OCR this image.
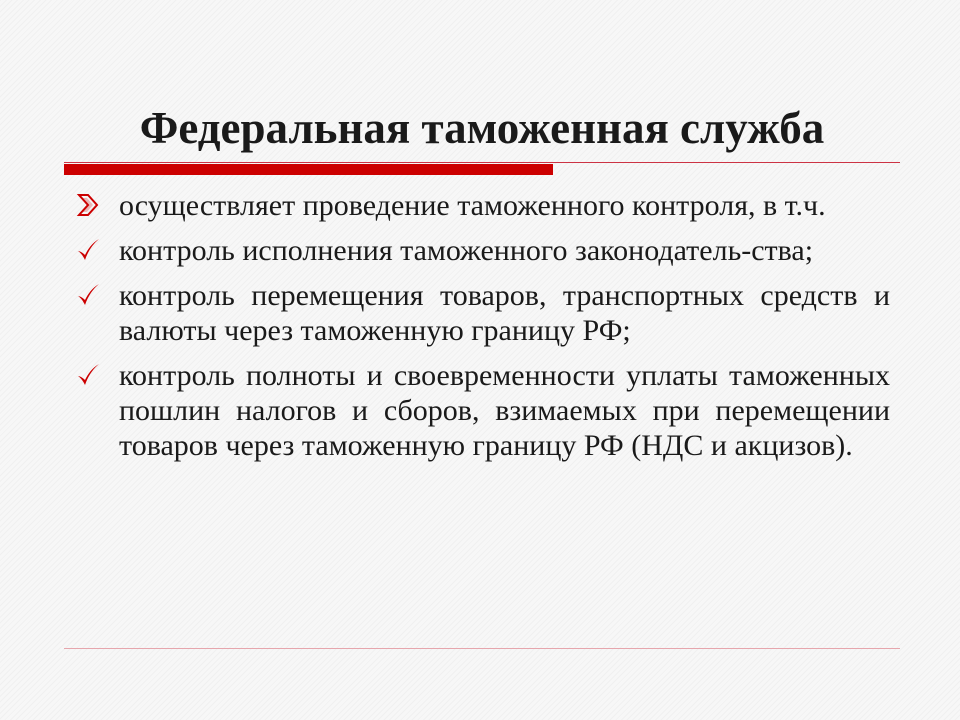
Федеральная таможенная служба
осуществляет проведение таможенного контроля, в т.ч.
контроль исполнения таможенного законодатель-ства;
контроль перемещения товаров, транспортных средств и валюты через таможенную границу РФ;
контроль полноты и своевременности уплаты таможенных пошлин налогов и сборов, взимаемых при перемещении товаров через таможенную границу РФ (НДС и акцизов).
